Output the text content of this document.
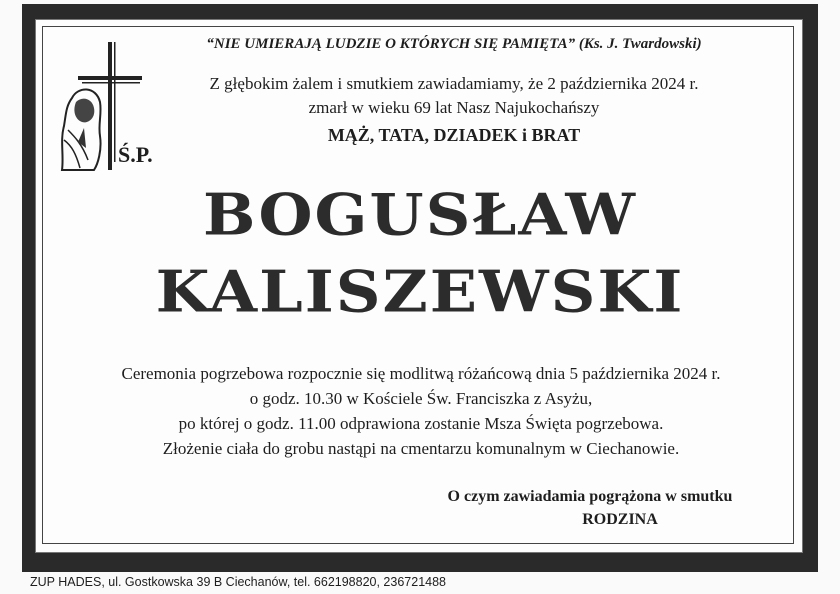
“NIE UMIERAJĄ LUDZIE O KTÓRYCH SIĘ PAMIĘTA” (Ks. J. Twardowski)
Z głębokim żalem i smutkiem zawiadamiamy, że 2 października 2024 r.
zmarł w wieku 69 lat Nasz Najukochańszy
MĄŻ, TATA, DZIADEK i BRAT
Ś.P.
BOGUSŁAW
KALISZEWSKI
Ceremonia pogrzebowa rozpocznie się modlitwą różańcową dnia 5 października 2024 r.
o godz. 10.30 w Kościele Św. Franciszka z Asyżu,
po której o godz. 11.00 odprawiona zostanie Msza Święta pogrzebowa.
Złożenie ciała do grobu nastąpi na cmentarzu komunalnym w Ciechanowie.
O czym zawiadamia pogrążona w smutku
RODZINA
ZUP HADES, ul. Gostkowska 39 B Ciechanów, tel. 662198820, 236721488
